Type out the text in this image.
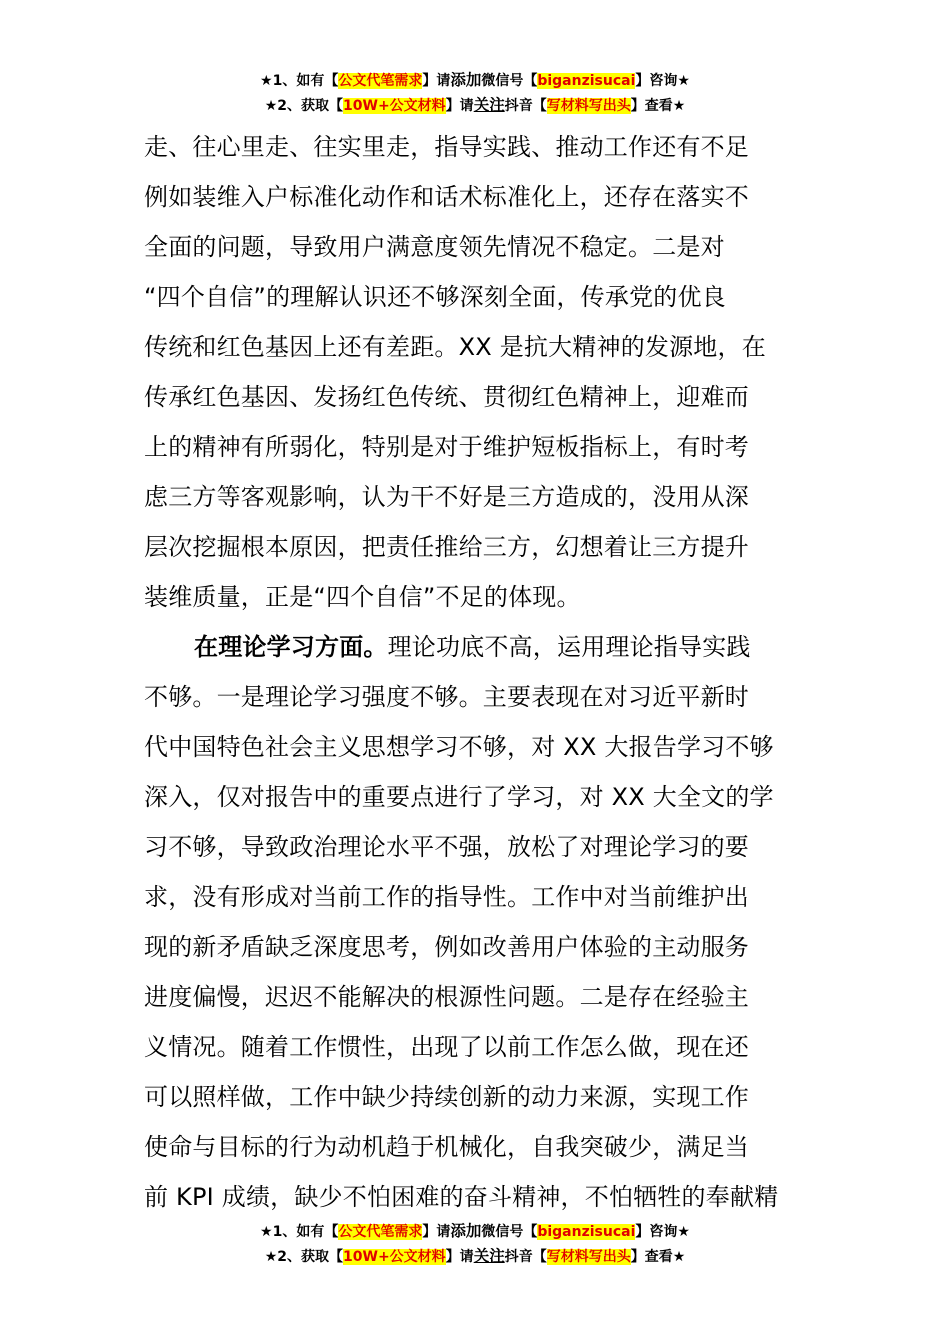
★1、如有【公文代笔需求】请添加微信号【biganzisucai】咨询★
★2、获取【10W+公文材料】请关注抖音【写材料写出头】查看★

走、往心里走、往实里走，指导实践、推动工作还有不足
例如装维入户标准化动作和话术标准化上，还存在落实不
全面的问题，导致用户满意度领先情况不稳定。二是对
“四个自信”的理解认识还不够深刻全面，传承党的优良
传统和红色基因上还有差距。XX 是抗大精神的发源地，在
传承红色基因、发扬红色传统、贯彻红色精神上，迎难而
上的精神有所弱化，特别是对于维护短板指标上，有时考
虑三方等客观影响，认为干不好是三方造成的，没用从深
层次挖掘根本原因，把责任推给三方，幻想着让三方提升
装维质量，正是“四个自信”不足的体现。

在理论学习方面。理论功底不高，运用理论指导实践
不够。一是理论学习强度不够。主要表现在对习近平新时
代中国特色社会主义思想学习不够，对 XX 大报告学习不够
深入，仅对报告中的重要点进行了学习，对 XX 大全文的学
习不够，导致政治理论水平不强，放松了对理论学习的要
求，没有形成对当前工作的指导性。工作中对当前维护出
现的新矛盾缺乏深度思考，例如改善用户体验的主动服务
进度偏慢，迟迟不能解决的根源性问题。二是存在经验主
义情况。随着工作惯性，出现了以前工作怎么做，现在还
可以照样做，工作中缺少持续创新的动力来源，实现工作
使命与目标的行为动机趋于机械化，自我突破少，满足当
前 KPI 成绩，缺少不怕困难的奋斗精神，不怕牺牲的奉献精

★1、如有【公文代笔需求】请添加微信号【biganzisucai】咨询★
★2、获取【10W+公文材料】请关注抖音【写材料写出头】查看★
